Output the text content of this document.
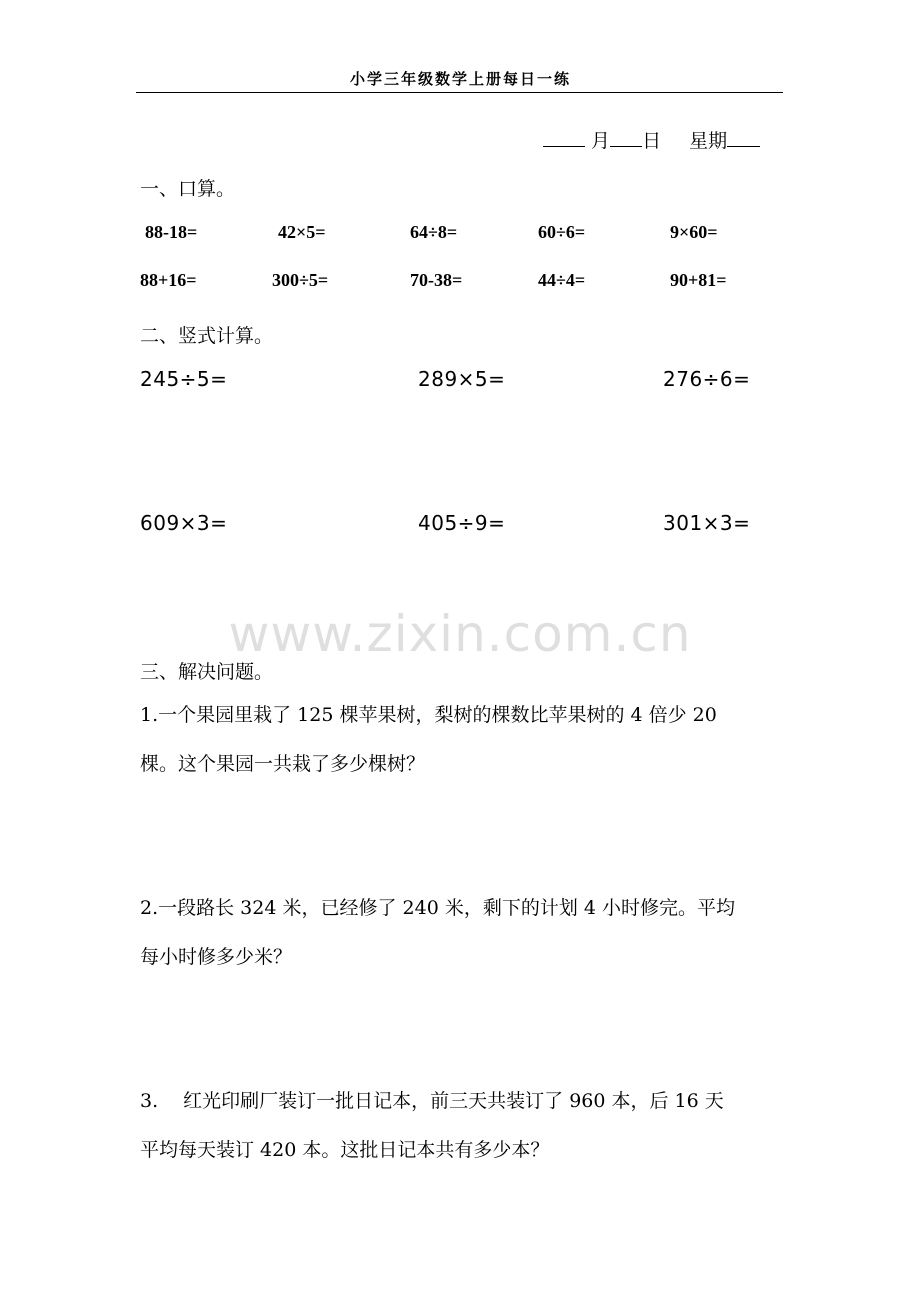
小学三年级数学上册每日一练
月 日 星期
一、口算。
88-18=	42×5=	64÷8=	60÷6=	9×60=
88+16=	300÷5=	70-38=	44÷4=	90+81=
二、竖式计算。
245÷5=	289×5=	276÷6=
609×3=	405÷9=	301×3=
www.zixin.com.cn
三、解决问题。

1.一个果园里栽了 125 棵苹果树，梨树的棵数比苹果树的 4 倍少 20

棵。这个果园一共栽了多少棵树？

2.一段路长 324 米，已经修了 240 米，剩下的计划 4 小时修完。平均

每小时修多少米？

3.　 红光印刷厂装订一批日记本，前三天共装订了 960 本，后 16 天

平均每天装订 420 本。这批日记本共有多少本？
